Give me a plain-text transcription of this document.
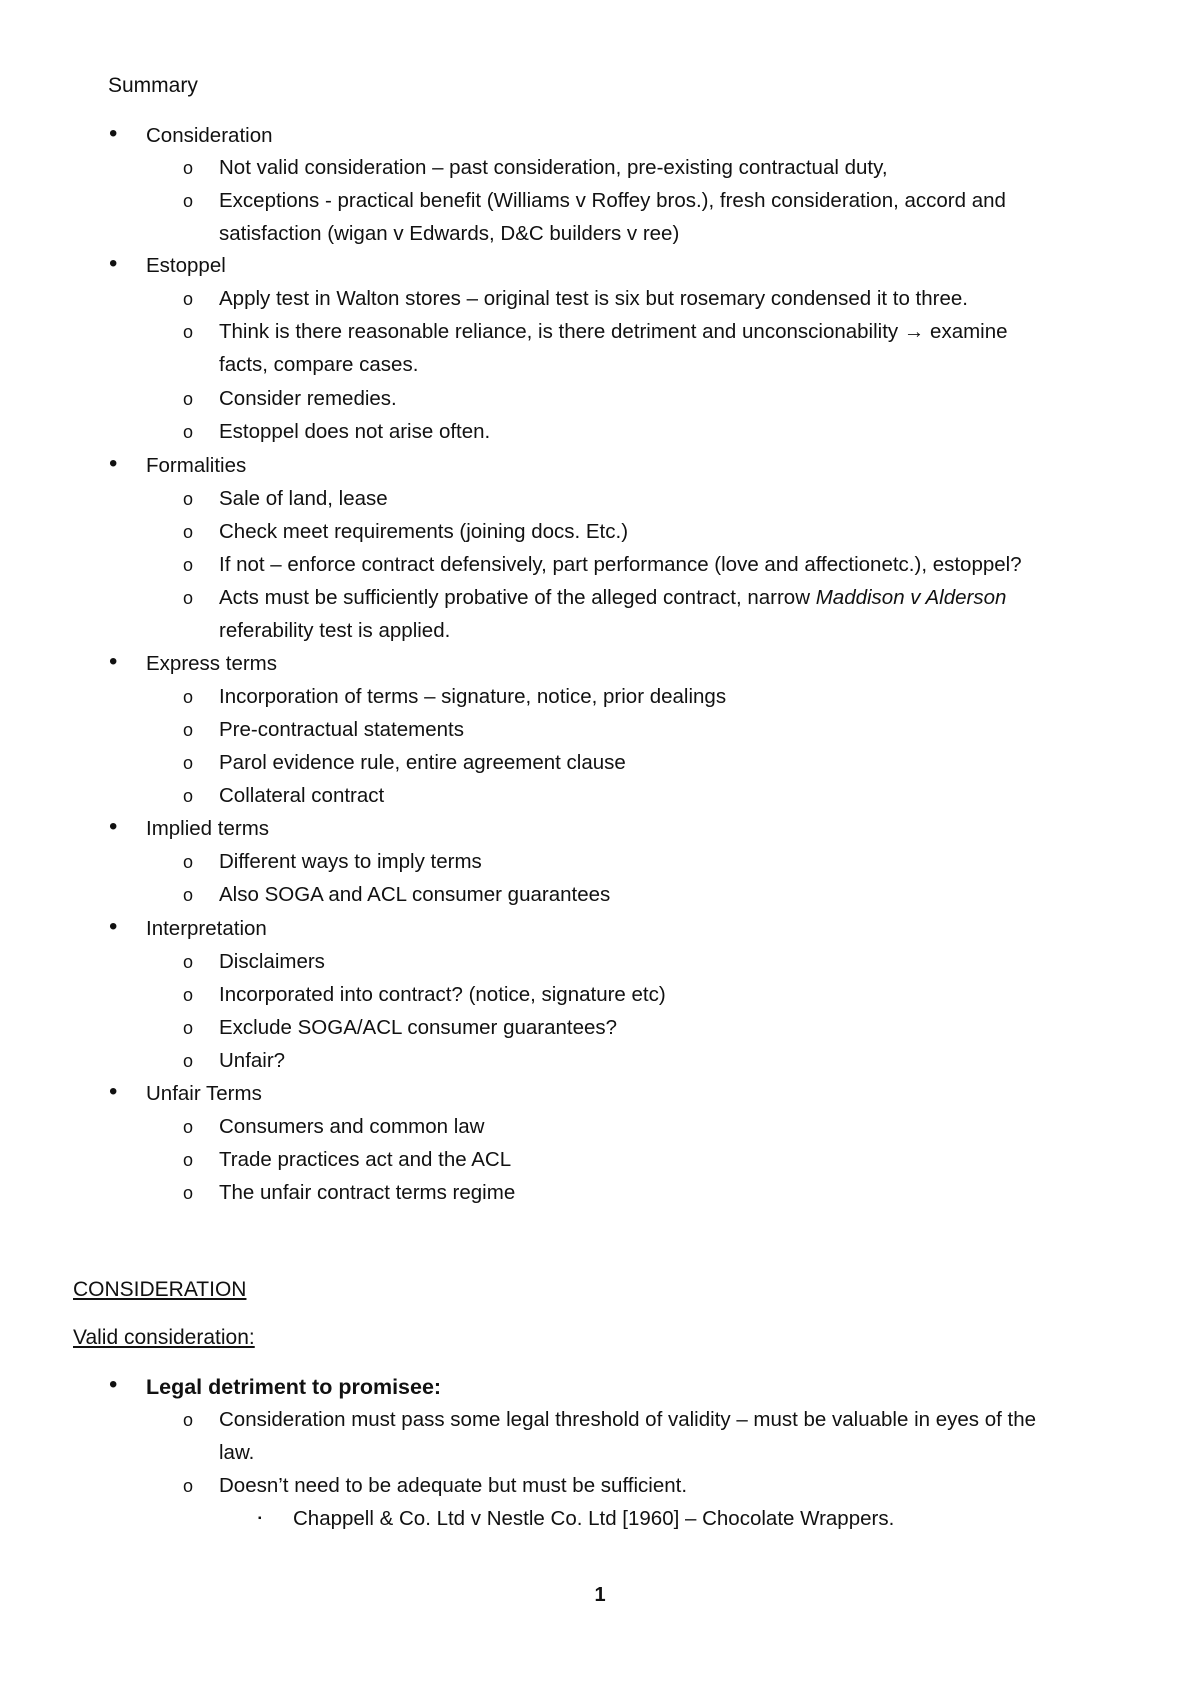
Summary
• Consideration
o Not valid consideration – past consideration, pre-existing contractual duty,
o Exceptions - practical benefit (Williams v Roffey bros.), fresh consideration, accord and
satisfaction (wigan v Edwards, D&C builders v ree)
• Estoppel
o Apply test in Walton stores – original test is six but rosemary condensed it to three.
o Think is there reasonable reliance, is there detriment and unconscionability → examine
facts, compare cases.
o Consider remedies.
o Estoppel does not arise often.
• Formalities
o Sale of land, lease
o Check meet requirements (joining docs. Etc.)
o If not – enforce contract defensively, part performance (love and affectionetc.), estoppel?
o Acts must be sufficiently probative of the alleged contract, narrow Maddison v Alderson
referability test is applied.
• Express terms
o Incorporation of terms – signature, notice, prior dealings
o Pre-contractual statements
o Parol evidence rule, entire agreement clause
o Collateral contract
• Implied terms
o Different ways to imply terms
o Also SOGA and ACL consumer guarantees
• Interpretation
o Disclaimers
o Incorporated into contract? (notice, signature etc)
o Exclude SOGA/ACL consumer guarantees?
o Unfair?
• Unfair Terms
o Consumers and common law
o Trade practices act and the ACL
o The unfair contract terms regime
CONSIDERATION
Valid consideration:
• Legal detriment to promisee:
o Consideration must pass some legal threshold of validity – must be valuable in eyes of the
law.
o Doesn’t need to be adequate but must be sufficient.
▪ Chappell & Co. Ltd v Nestle Co. Ltd [1960] – Chocolate Wrappers.
1
